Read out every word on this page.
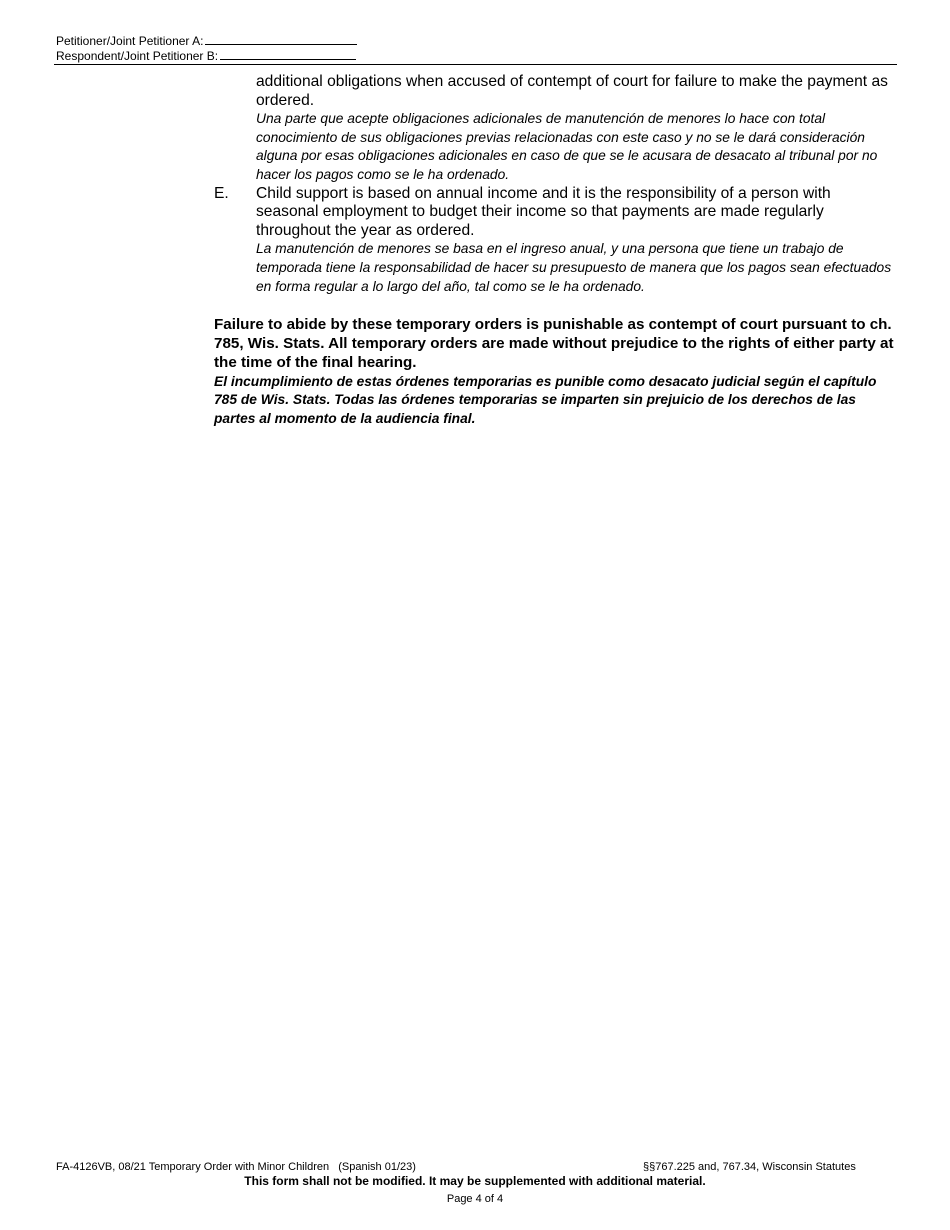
Petitioner/Joint Petitioner A:
Respondent/Joint Petitioner B:

additional obligations when accused of contempt of court for failure to make the payment as ordered.

Una parte que acepte obligaciones adicionales de manutención de menores lo hace con total conocimiento de sus obligaciones previas relacionadas con este caso y no se le dará consideración alguna por esas obligaciones adicionales en caso de que se le acusara de desacato al tribunal por no hacer los pagos como se le ha ordenado.

E. Child support is based on annual income and it is the responsibility of a person with seasonal employment to budget their income so that payments are made regularly throughout the year as ordered.

La manutención de menores se basa en el ingreso anual, y una persona que tiene un trabajo de temporada tiene la responsabilidad de hacer su presupuesto de manera que los pagos sean efectuados en forma regular a lo largo del año, tal como se le ha ordenado.

Failure to abide by these temporary orders is punishable as contempt of court pursuant to ch. 785, Wis. Stats. All temporary orders are made without prejudice to the rights of either party at the time of the final hearing.

El incumplimiento de estas órdenes temporarias es punible como desacato judicial según el capítulo 785 de Wis. Stats. Todas las órdenes temporarias se imparten sin prejuicio de los derechos de las partes al momento de la audiencia final.

FA-4126VB, 08/21 Temporary Order with Minor Children   (Spanish 01/23)	§§767.225 and, 767.34, Wisconsin Statutes
This form shall not be modified. It may be supplemented with additional material.
Page 4 of 4
